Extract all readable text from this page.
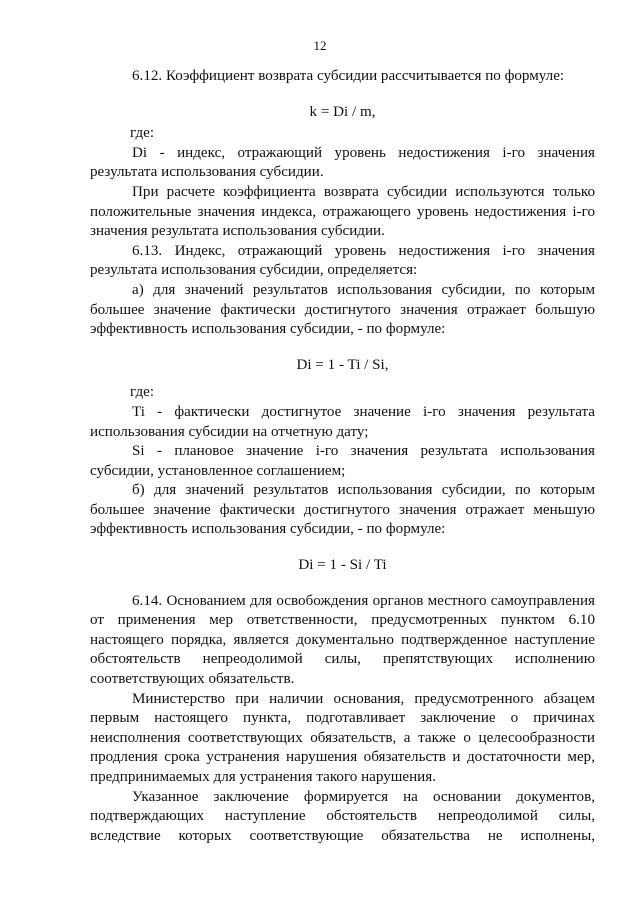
12

6.12. Коэффициент возврата субсидии рассчитывается по формуле:

k = Di / m,

где:

Di - индекс, отражающий уровень недостижения i-го значения результата использования субсидии.

При расчете коэффициента возврата субсидии используются только положительные значения индекса, отражающего уровень недостижения i-го значения результата использования субсидии.

6.13. Индекс, отражающий уровень недостижения i-го значения результата использования субсидии, определяется:

а) для значений результатов использования субсидии, по которым большее значение фактически достигнутого значения отражает большую эффективность использования субсидии, - по формуле:

Di = 1 - Ti / Si,

где:

Ti - фактически достигнутое значение i-го значения результата использования субсидии на отчетную дату;

Si - плановое значение i-го значения результата использования субсидии, установленное соглашением;

б) для значений результатов использования субсидии, по которым большее значение фактически достигнутого значения отражает меньшую эффективность использования субсидии, - по формуле:

Di = 1 - Si / Ti

6.14. Основанием для освобождения органов местного самоуправления от применения мер ответственности, предусмотренных пунктом 6.10 настоящего порядка, является документально подтвержденное наступление обстоятельств непреодолимой силы, препятствующих исполнению соответствующих обязательств.

Министерство при наличии основания, предусмотренного абзацем первым настоящего пункта, подготавливает заключение о причинах неисполнения соответствующих обязательств, а также о целесообразности продления срока устранения нарушения обязательств и достаточности мер, предпринимаемых для устранения такого нарушения.

Указанное заключение формируется на основании документов, подтверждающих наступление обстоятельств непреодолимой силы, вследствие которых соответствующие обязательства не исполнены,
